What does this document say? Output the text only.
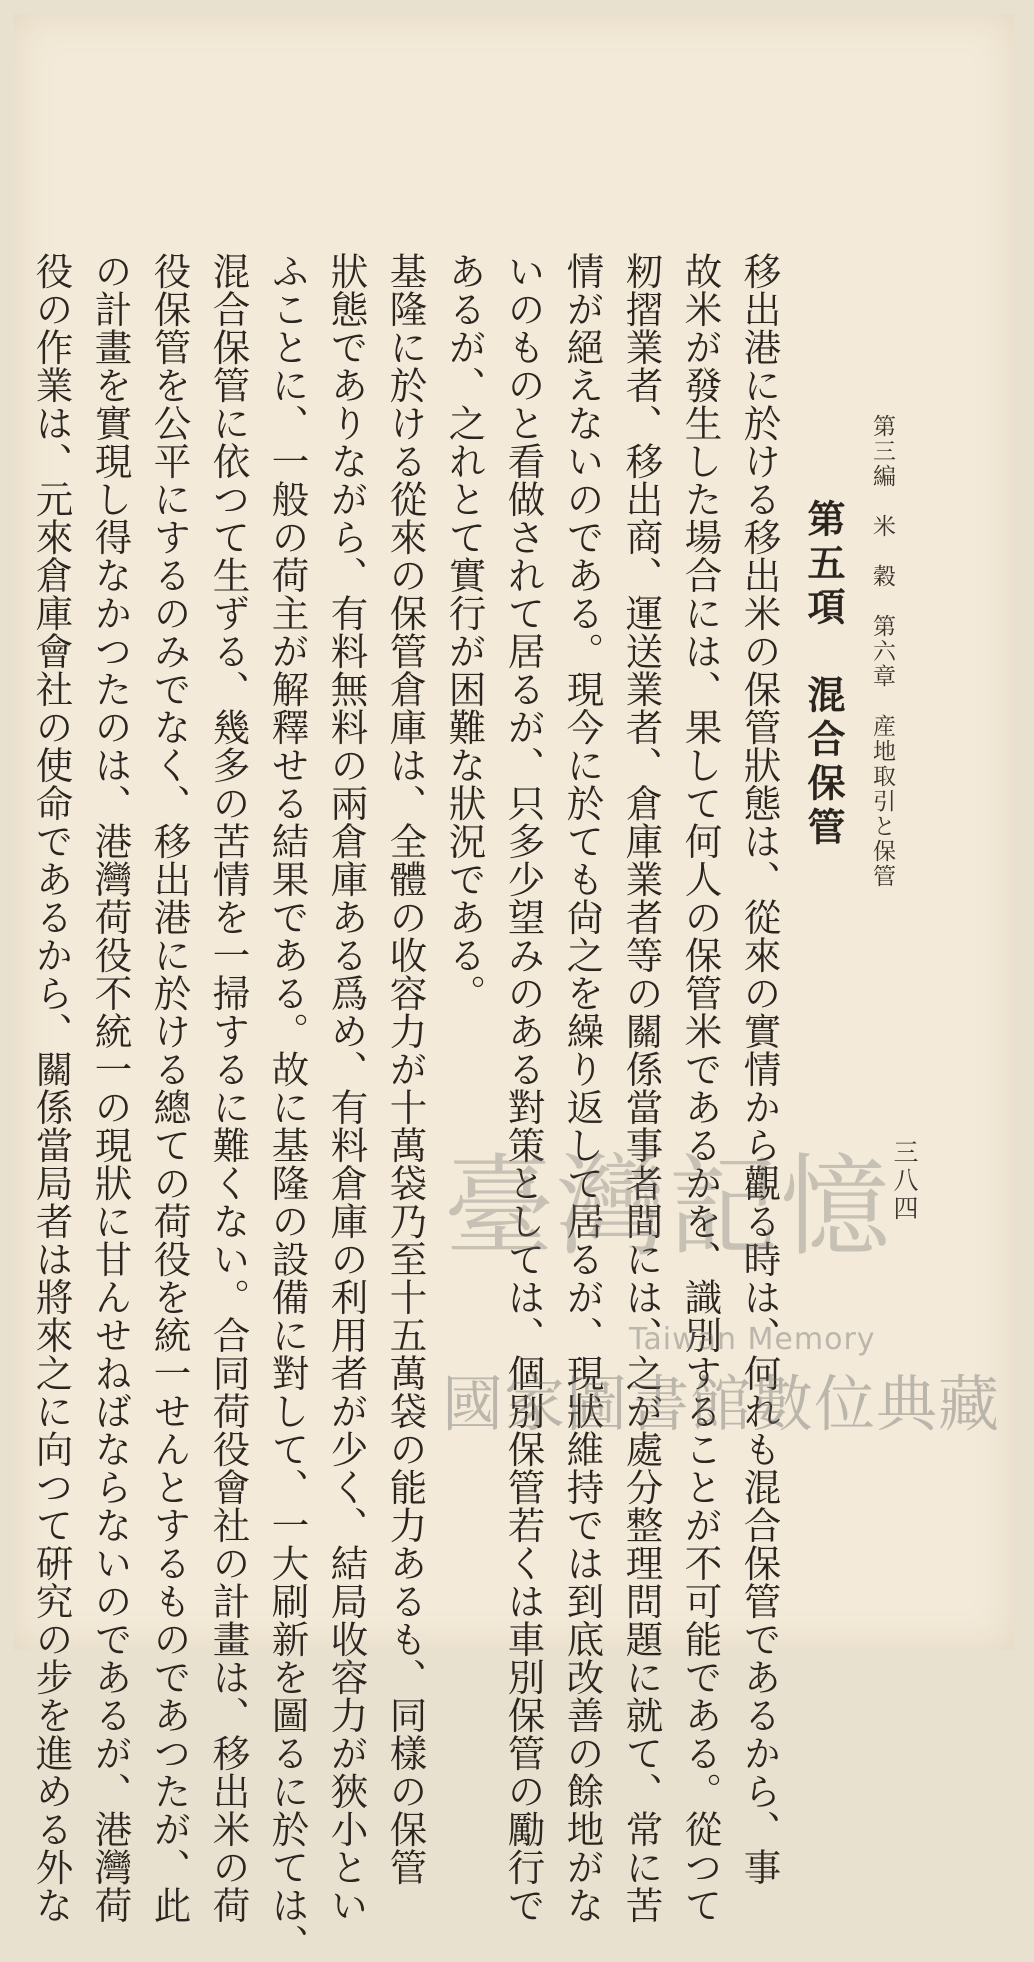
第三編　米　穀　第六章　産地取引と保管
三八四
第五項　混合保管
移出港に於ける移出米の保管狀態は、從來の實情から觀る時は、何れも混合保管であるから、事
故米が發生した場合には、果して何人の保管米であるかを、識別することが不可能である。從つて
籾摺業者、移出商、運送業者、倉庫業者等の關係當事者間には、之が處分整理問題に就て、常に苦
情が絕えないのである。現今に於ても尙之を繰り返して居るが、現狀維持では到底改善の餘地がな
いのものと看做されて居るが、只多少望みのある對策としては、個別保管若くは車別保管の勵行で
あるが、之れとて實行が困難な狀況である。
基隆に於ける從來の保管倉庫は、全體の收容力が十萬袋乃至十五萬袋の能力あるも、同樣の保管
狀態でありながら、有料無料の兩倉庫ある爲め、有料倉庫の利用者が少く、結局收容力が狹小とい
ふことに、一般の荷主が解釋せる結果である。故に基隆の設備に對して、一大刷新を圖るに於ては、
混合保管に依つて生ずる、幾多の苦情を一掃するに難くない。合同荷役會社の計畫は、移出米の荷
役保管を公平にするのみでなく、移出港に於ける總ての荷役を統一せんとするものであつたが、此
の計畫を實現し得なかつたのは、港灣荷役不統一の現狀に甘んせねばならないのであるが、港灣荷
役の作業は、元來倉庫會社の使命であるから、關係當局者は將來之に向つて硏究の步を進める外な	臺灣記憶
Taiwan Memory
國家圖書館數位典藏
